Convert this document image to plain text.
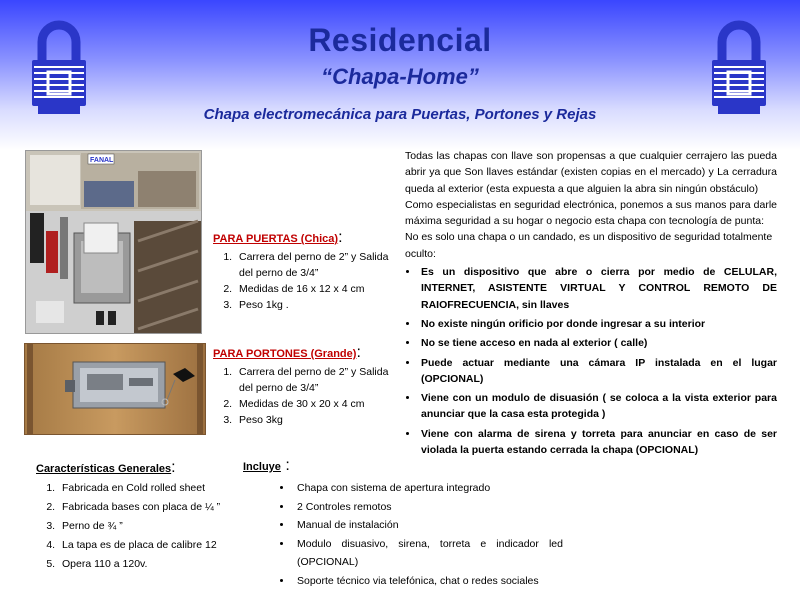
Residencial
“Chapa-Home”
Chapa electromecánica para Puertas, Portones y Rejas
FANAL
PARA PUERTAS (Chica):
1. Carrera del perno de 2” y Salida del perno de 3/4”
2. Medidas de 16 x 12 x 4 cm
3. Peso 1kg .
PARA PORTONES (Grande):
1. Carrera del perno de 2” y Salida del perno de 3/4”
2. Medidas de 30 x 20 x 4 cm
3. Peso 3kg

Todas las chapas con llave son propensas a que cualquier cerrajero las pueda abrir ya que Son llaves estándar (existen copias en el mercado) y La cerradura queda al exterior (esta expuesta a que alguien la abra sin ningún obstáculo)

Como especialistas en seguridad electrónica, ponemos a sus manos para darle máxima seguridad a su hogar o negocio esta chapa con tecnología de punta:

No es solo una chapa o un candado, es un dispositivo de seguridad totalmente oculto:

• Es un dispositivo que abre o cierra por medio de CELULAR, INTERNET, ASISTENTE VIRTUAL Y CONTROL REMOTO DE RAIOFRECUENCIA, sin llaves
• No existe ningún orificio por donde ingresar a su interior
• No se tiene acceso en nada al exterior ( calle)
• Puede actuar mediante una cámara IP instalada en el lugar (OPCIONAL)
• Viene con un modulo de disuasión ( se coloca a la vista exterior para anunciar que la casa esta protegida )
• Viene con alarma de sirena y torreta para anunciar en caso de ser violada la puerta estando cerrada la chapa (OPCIONAL)
Características Generales:
1. Fabricada en Cold rolled sheet
2. Fabricada bases con placa de ¼ ”
3. Perno de ¾ ”
4. La tapa es de placa de calibre 12
5. Opera 110 a 120v.
Incluye :
• Chapa con sistema de apertura integrado
• 2 Controles remotos
• Manual de instalación
• Modulo disuasivo, sirena, torreta e indicador led (OPCIONAL)
• Soporte técnico via telefónica, chat o redes sociales
